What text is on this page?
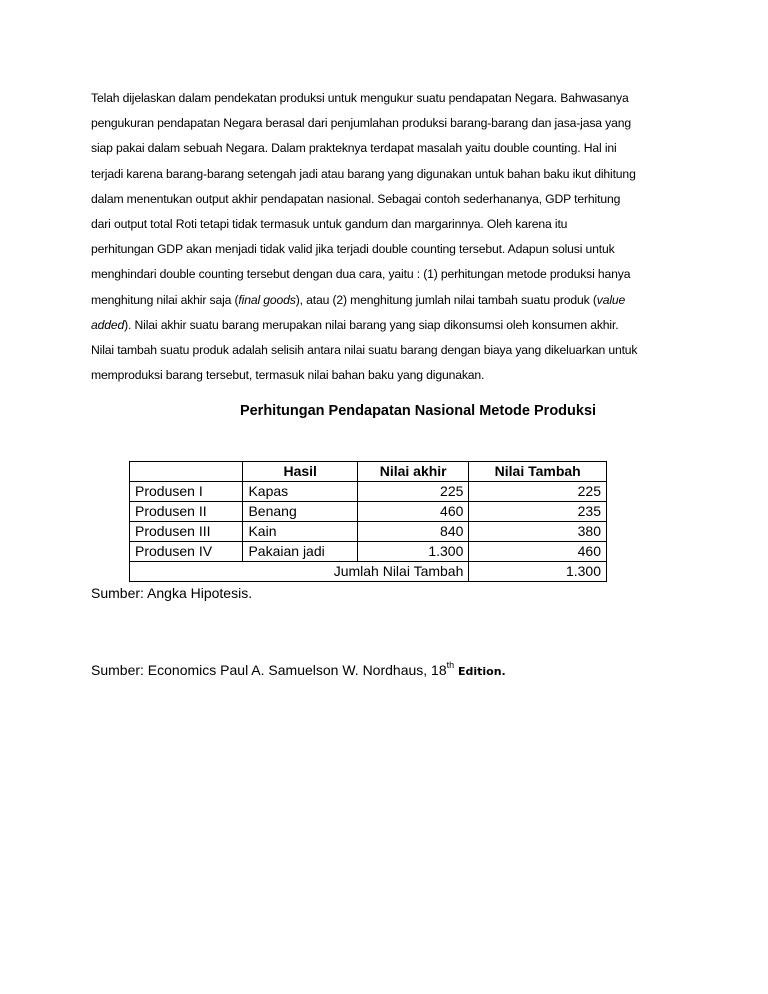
Telah dijelaskan dalam pendekatan produksi untuk mengukur suatu pendapatan Negara. Bahwasanya
pengukuran pendapatan Negara berasal dari penjumlahan produksi barang-barang dan jasa-jasa yang
siap pakai dalam sebuah Negara. Dalam prakteknya terdapat masalah yaitu double counting. Hal ini
terjadi karena barang-barang setengah jadi atau barang yang digunakan untuk bahan baku ikut dihitung
dalam menentukan output akhir pendapatan nasional. Sebagai contoh sederhananya, GDP terhitung
dari output total Roti tetapi tidak termasuk untuk gandum dan margarinnya. Oleh karena itu
perhitungan GDP akan menjadi tidak valid jika terjadi double counting tersebut. Adapun solusi untuk
menghindari double counting tersebut dengan dua cara, yaitu : (1) perhitungan metode produksi hanya
menghitung nilai akhir saja (final goods), atau (2) menghitung jumlah nilai tambah suatu produk (value
added). Nilai akhir suatu barang merupakan nilai barang yang siap dikonsumsi oleh konsumen akhir.
Nilai tambah suatu produk adalah selisih antara nilai suatu barang dengan biaya yang dikeluarkan untuk
memproduksi barang tersebut, termasuk nilai bahan baku yang digunakan.
Perhitungan Pendapatan Nasional Metode Produksi
	Hasil	Nilai akhir	Nilai Tambah
Produsen I	Kapas	225	225
Produsen II	Benang	460	235
Produsen III	Kain	840	380
Produsen IV	Pakaian jadi	1.300	460
Jumlah Nilai Tambah			1.300
Sumber: Angka Hipotesis.
Sumber: Economics Paul A. Samuelson W. Nordhaus, 18th Edition.
